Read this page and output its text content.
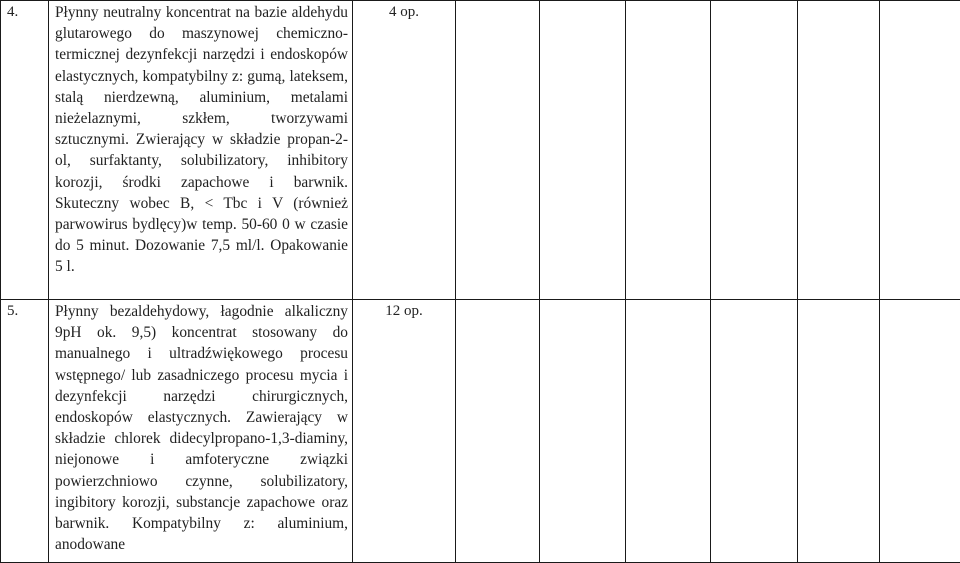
4.	Płynny neutralny koncentrat na bazie aldehydu glutarowego do maszynowej chemiczno- termicznej dezynfekcji narzędzi i endoskopów elastycznych, kompatybilny z: gumą, lateksem, stalą nierdzewną, aluminium, metalami nieżelaznymi, szkłem, tworzywami sztucznymi. Zwierający w składzie propan-2-ol, surfaktanty, solubilizatory, inhibitory korozji, środki zapachowe i barwnik. Skuteczny wobec B, < Tbc i V (również parwowirus bydlęcy)w temp. 50-60 0 w czasie do 5 minut. Dozowanie 7,5 ml/l. Opakowanie 5 l.	4 op.						
5.	Płynny bezaldehydowy, łagodnie alkaliczny 9pH ok. 9,5) koncentrat stosowany do manualnego i ultradźwiękowego procesu wstępnego/ lub zasadniczego procesu mycia i dezynfekcji narzędzi chirurgicznych, endoskopów elastycznych. Zawierający w składzie chlorek didecylpropano-1,3-diaminy, niejonowe i amfoteryczne związki powierzchniowo czynne, solubilizatory, ingibitory korozji, substancje zapachowe oraz barwnik. Kompatybilny z: aluminium, anodowane	12 op.						
